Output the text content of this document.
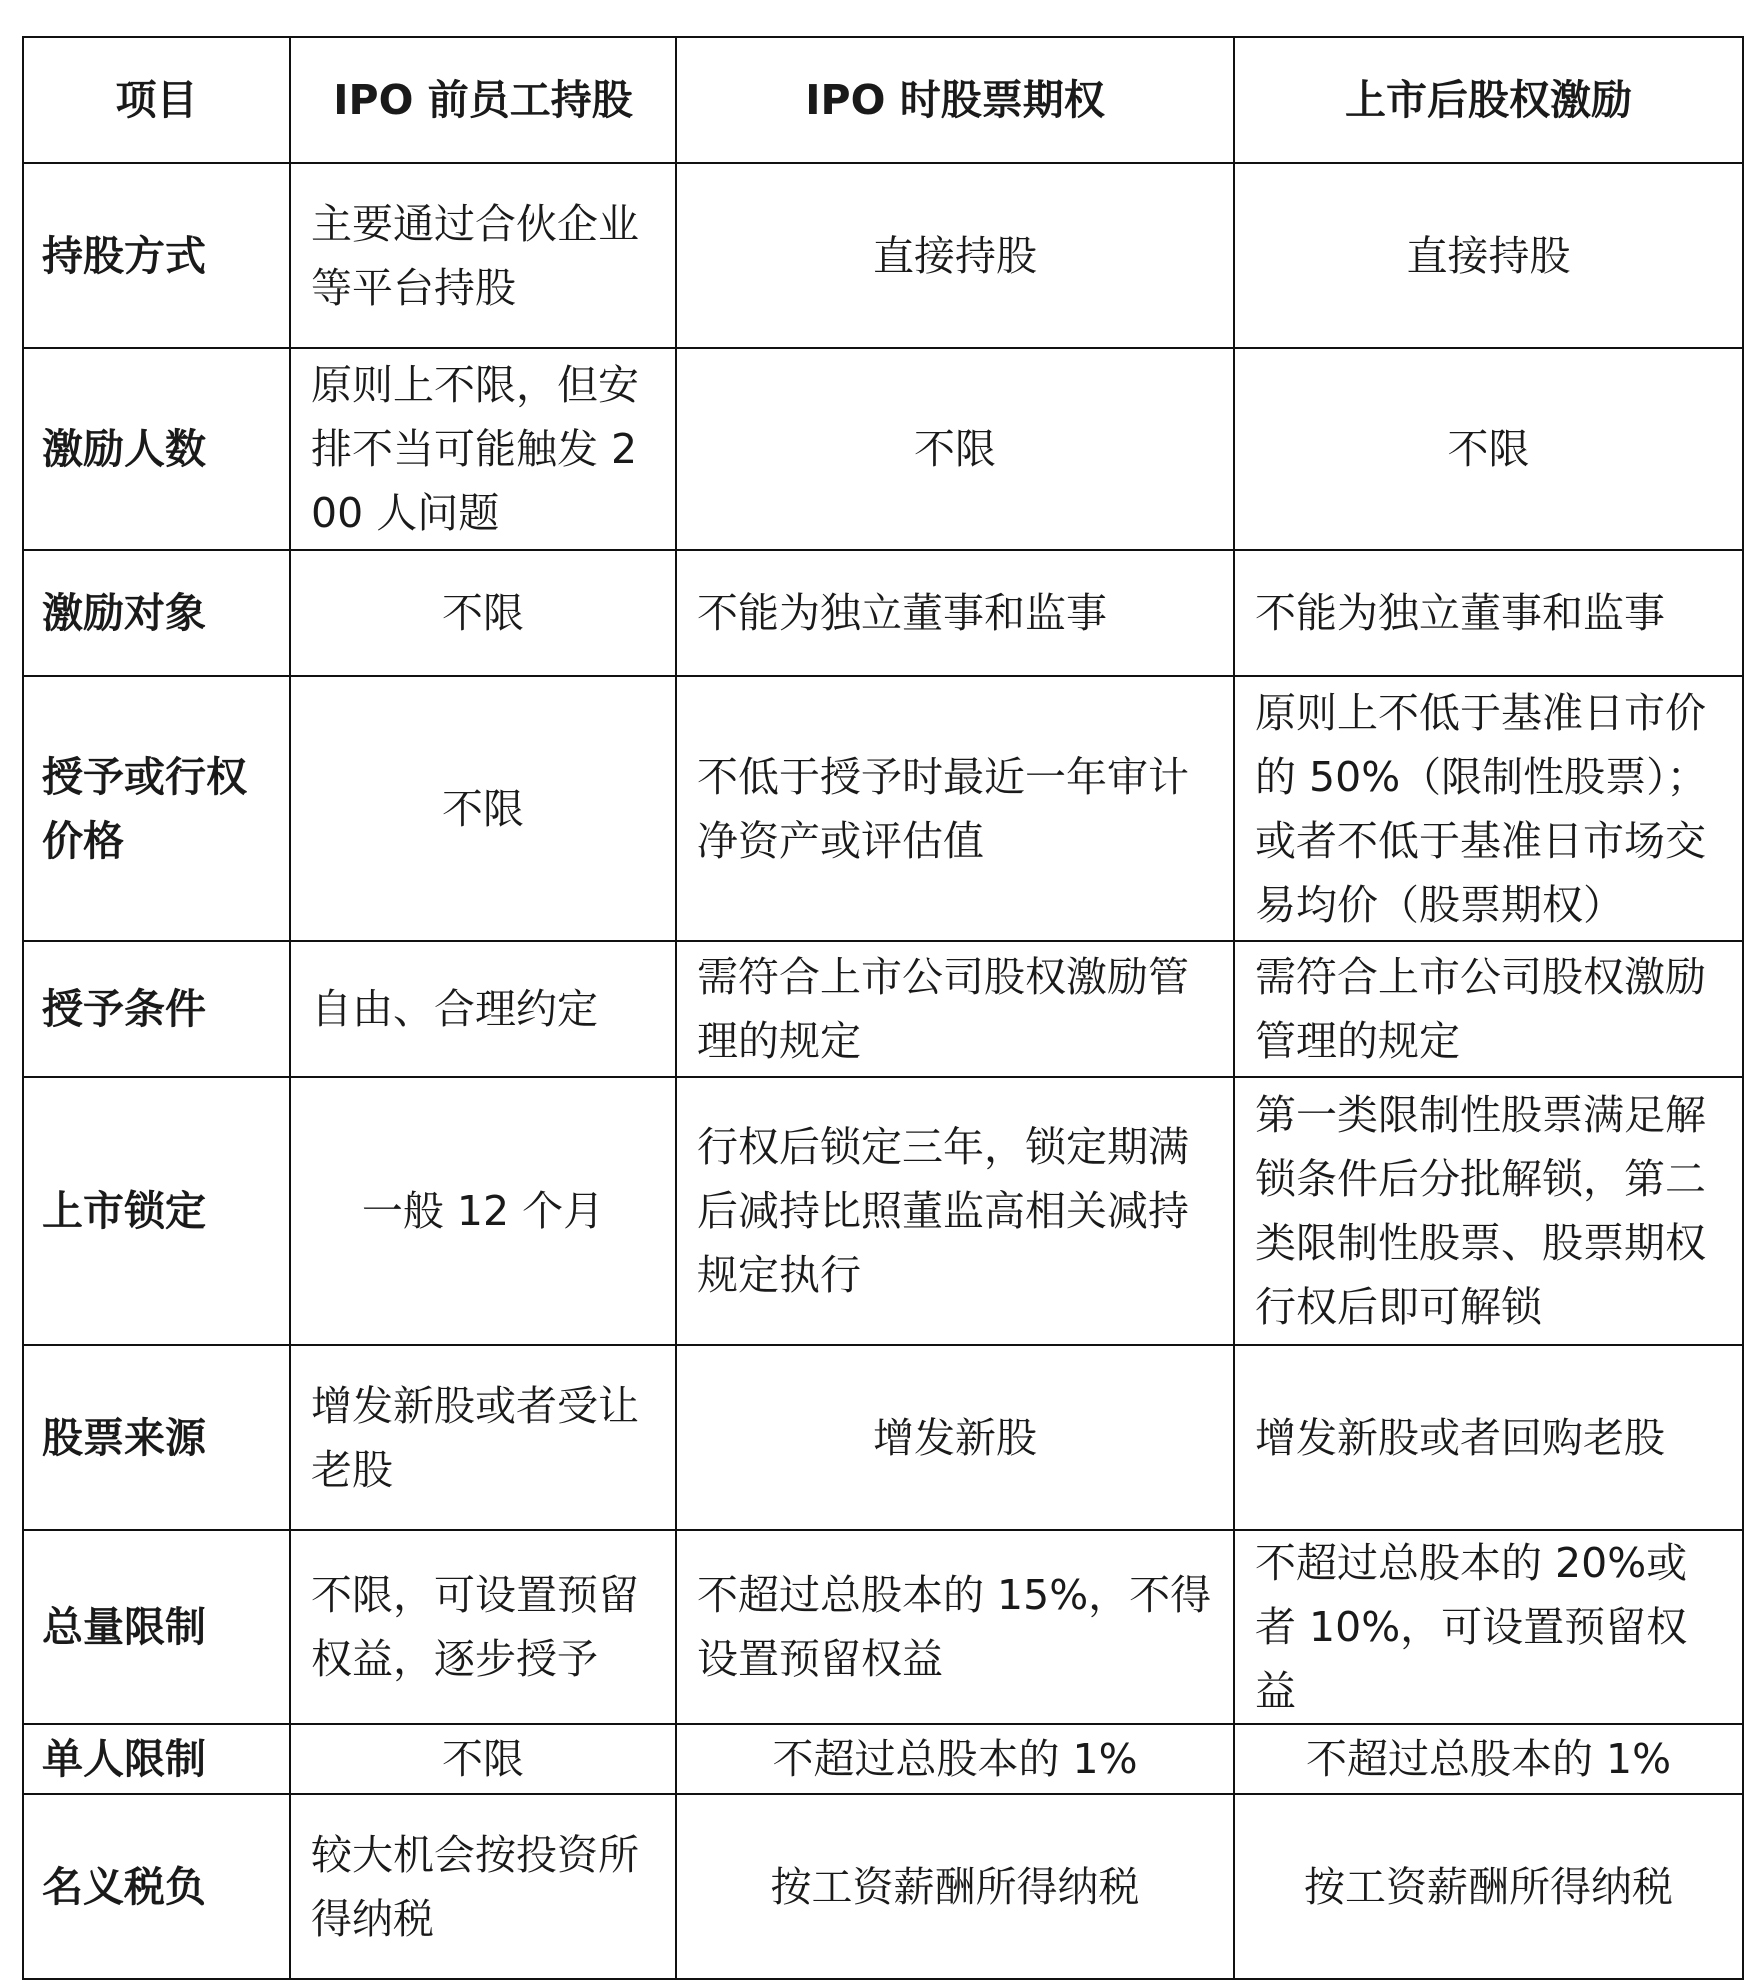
项目	IPO 前员工持股	IPO 时股票期权	上市后股权激励
持股方式	主要通过合伙企业等平台持股	直接持股	直接持股
激励人数	原则上不限，但安排不当可能触发 200 人问题	不限	不限
激励对象	不限	不能为独立董事和监事	不能为独立董事和监事
授予或行权价格	不限	不低于授予时最近一年审计净资产或评估值	原则上不低于基准日市价的 50%（限制性股票）；或者不低于基准日市场交易均价（股票期权）
授予条件	自由、合理约定	需符合上市公司股权激励管理的规定	需符合上市公司股权激励管理的规定
上市锁定	一般 12 个月	行权后锁定三年，锁定期满后减持比照董监高相关减持规定执行	第一类限制性股票满足解锁条件后分批解锁，第二类限制性股票、股票期权行权后即可解锁
股票来源	增发新股或者受让老股	增发新股	增发新股或者回购老股
总量限制	不限，可设置预留权益，逐步授予	不超过总股本的 15%，不得设置预留权益	不超过总股本的 20%或者 10%，可设置预留权益
单人限制	不限	不超过总股本的 1%	不超过总股本的 1%
名义税负	较大机会按投资所得纳税	按工资薪酬所得纳税	按工资薪酬所得纳税
